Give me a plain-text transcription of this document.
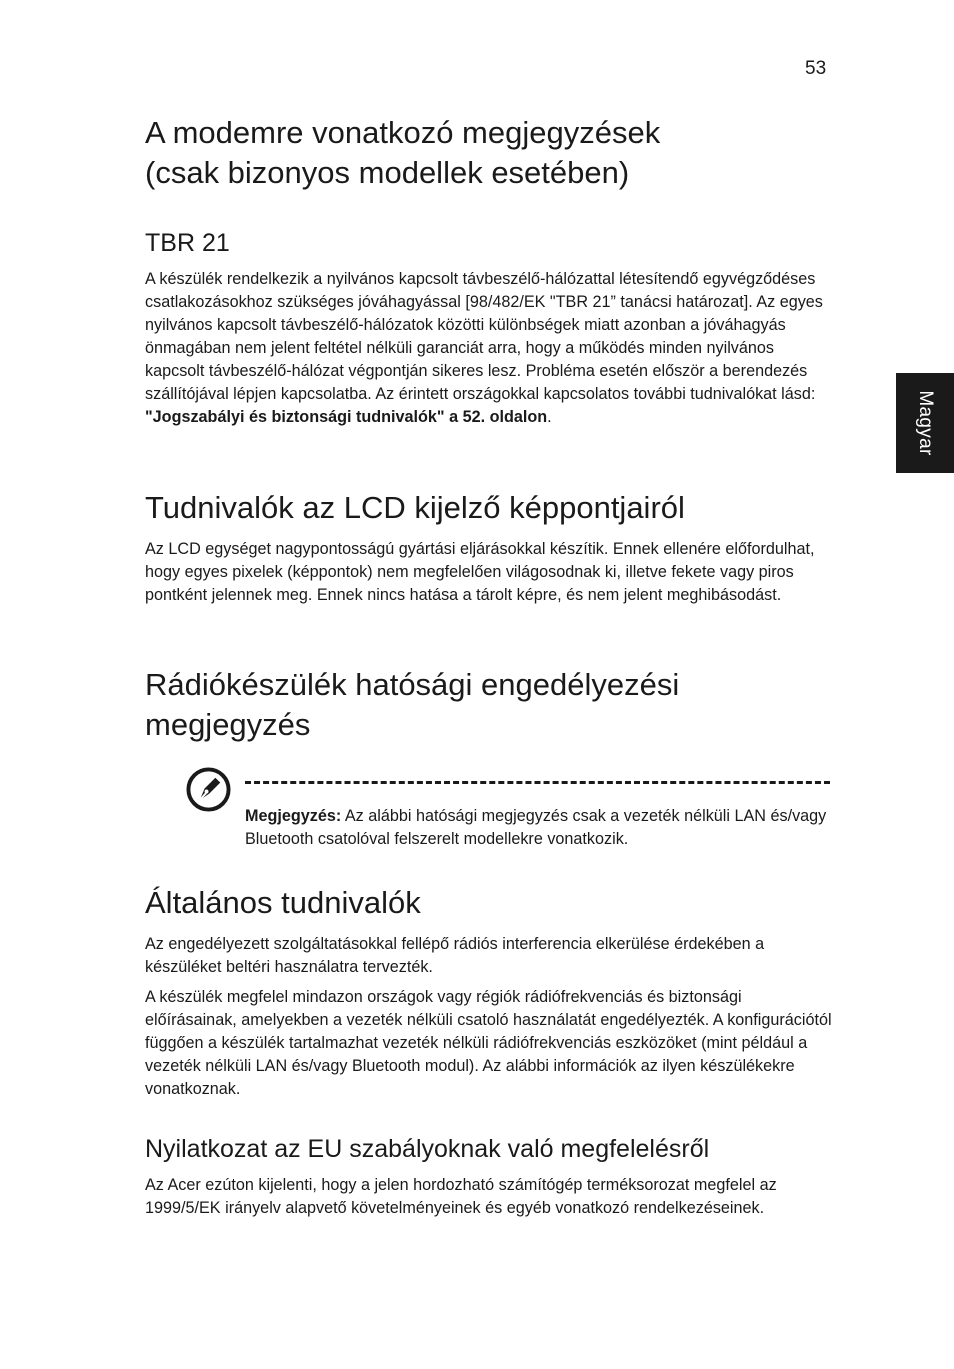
53
Magyar
A modemre vonatkozó megjegyzések
(csak bizonyos modellek esetében)
TBR 21

A készülék rendelkezik a nyilvános kapcsolt távbeszélő-hálózattal létesítendő egyvégződéses csatlakozásokhoz szükséges jóváhagyással [98/482/EK "TBR 21” tanácsi határozat]. Az egyes nyilvános kapcsolt távbeszélő-hálózatok közötti különbségek miatt azonban a jóváhagyás önmagában nem jelent feltétel nélküli garanciát arra, hogy a működés minden nyilvános kapcsolt távbeszélő-hálózat végpontján sikeres lesz. Probléma esetén először a berendezés szállítójával lépjen kapcsolatba. Az érintett országokkal kapcsolatos további tudnivalókat lásd: "Jogszabályi és biztonsági tudnivalók" a 52. oldalon.

Tudnivalók az LCD kijelző képpontjairól

Az LCD egységet nagypontosságú gyártási eljárásokkal készítik. Ennek ellenére előfordulhat, hogy egyes pixelek (képpontok) nem megfelelően világosodnak ki, illetve fekete vagy piros pontként jelennek meg. Ennek nincs hatása a tárolt képre, és nem jelent meghibásodást.

Rádiókészülék hatósági engedélyezési
megjegyzés
Általános tudnivalók

Az engedélyezett szolgáltatásokkal fellépő rádiós interferencia elkerülése érdekében a készüléket beltéri használatra tervezték.

A készülék megfelel mindazon országok vagy régiók rádiófrekvenciás és biztonsági előírásainak, amelyekben a vezeték nélküli csatoló használatát engedélyezték. A konfigurációtól függően a készülék tartalmazhat vezeték nélküli rádiófrekvenciás eszközöket (mint például a vezeték nélküli LAN és/vagy Bluetooth modul). Az alábbi információk az ilyen készülékekre vonatkoznak.

Nyilatkozat az EU szabályoknak való megfelelésről

Az Acer ezúton kijelenti, hogy a jelen hordozható számítógép terméksorozat megfelel az 1999/5/EK irányelv alapvető követelményeinek és egyéb vonatkozó rendelkezéseinek.

Megjegyzés: Az alábbi hatósági megjegyzés csak a vezeték nélküli LAN és/vagy Bluetooth csatolóval felszerelt modellekre vonatkozik.
